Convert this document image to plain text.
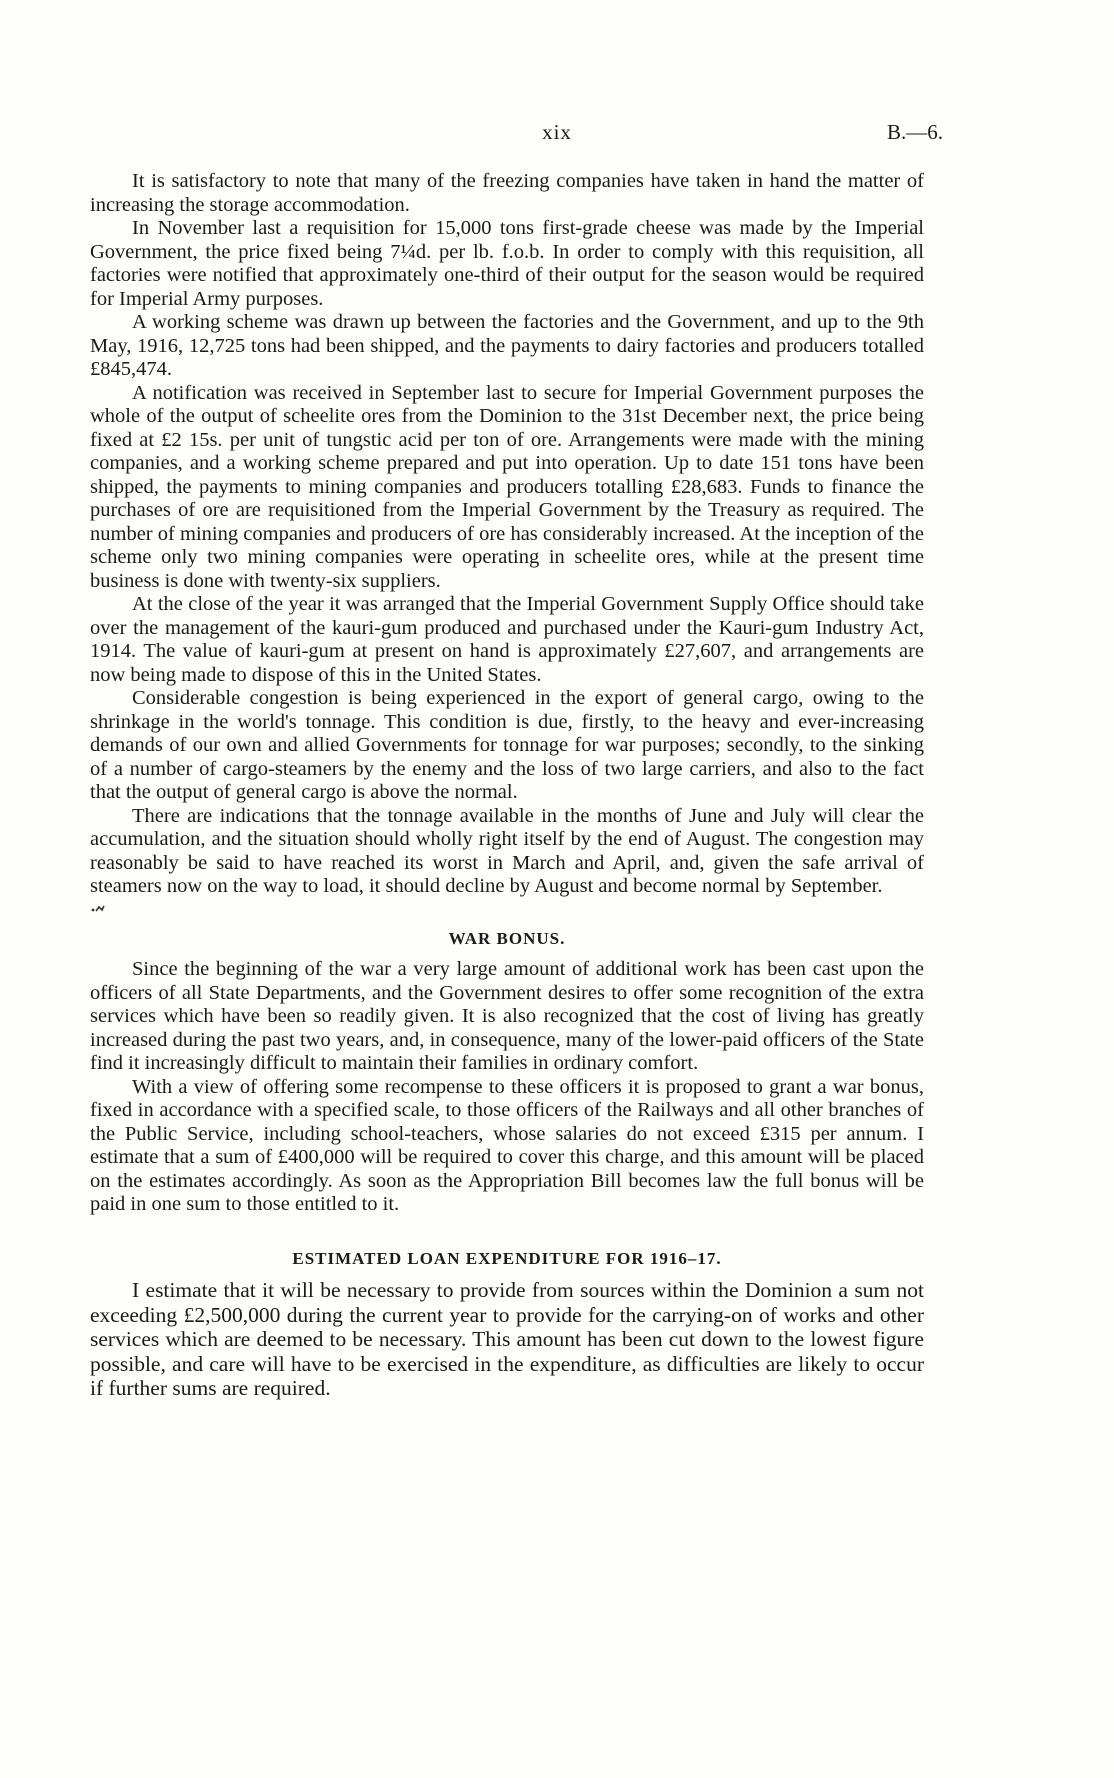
xix	B.—6.

It is satisfactory to note that many of the freezing companies have taken in hand the matter of increasing the storage accommodation.

In November last a requisition for 15,000 tons first-grade cheese was made by the Imperial Government, the price fixed being 7¼d. per lb. f.o.b. In order to comply with this requisition, all factories were notified that approximately one-third of their output for the season would be required for Imperial Army purposes.

A working scheme was drawn up between the factories and the Government, and up to the 9th May, 1916, 12,725 tons had been shipped, and the payments to dairy factories and producers totalled £845,474.

A notification was received in September last to secure for Imperial Government purposes the whole of the output of scheelite ores from the Dominion to the 31st December next, the price being fixed at £2 15s. per unit of tungstic acid per ton of ore. Arrangements were made with the mining companies, and a working scheme prepared and put into operation. Up to date 151 tons have been shipped, the payments to mining companies and producers totalling £28,683. Funds to finance the purchases of ore are requisitioned from the Imperial Government by the Treasury as required. The number of mining companies and producers of ore has considerably increased. At the inception of the scheme only two mining companies were operating in scheelite ores, while at the present time business is done with twenty-six suppliers.

At the close of the year it was arranged that the Imperial Government Supply Office should take over the management of the kauri-gum produced and purchased under the Kauri-gum Industry Act, 1914. The value of kauri-gum at present on hand is approximately £27,607, and arrangements are now being made to dispose of this in the United States.

Considerable congestion is being experienced in the export of general cargo, owing to the shrinkage in the world's tonnage. This condition is due, firstly, to the heavy and ever-increasing demands of our own and allied Governments for tonnage for war purposes; secondly, to the sinking of a number of cargo-steamers by the enemy and the loss of two large carriers, and also to the fact that the output of general cargo is above the normal.

There are indications that the tonnage available in the months of June and July will clear the accumulation, and the situation should wholly right itself by the end of August. The congestion may reasonably be said to have reached its worst in March and April, and, given the safe arrival of steamers now on the way to load, it should decline by August and become normal by September.

WAR BONUS.

Since the beginning of the war a very large amount of additional work has been cast upon the officers of all State Departments, and the Government desires to offer some recognition of the extra services which have been so readily given. It is also recognized that the cost of living has greatly increased during the past two years, and, in consequence, many of the lower-paid officers of the State find it increasingly difficult to maintain their families in ordinary comfort.

With a view of offering some recompense to these officers it is proposed to grant a war bonus, fixed in accordance with a specified scale, to those officers of the Railways and all other branches of the Public Service, including school-teachers, whose salaries do not exceed £315 per annum. I estimate that a sum of £400,000 will be required to cover this charge, and this amount will be placed on the estimates accordingly. As soon as the Appropriation Bill becomes law the full bonus will be paid in one sum to those entitled to it.

ESTIMATED LOAN EXPENDITURE FOR 1916–17.

I estimate that it will be necessary to provide from sources within the Dominion a sum not exceeding £2,500,000 during the current year to provide for the carrying-on of works and other services which are deemed to be necessary. This amount has been cut down to the lowest figure possible, and care will have to be exercised in the expenditure, as difficulties are likely to occur if further sums are required.
